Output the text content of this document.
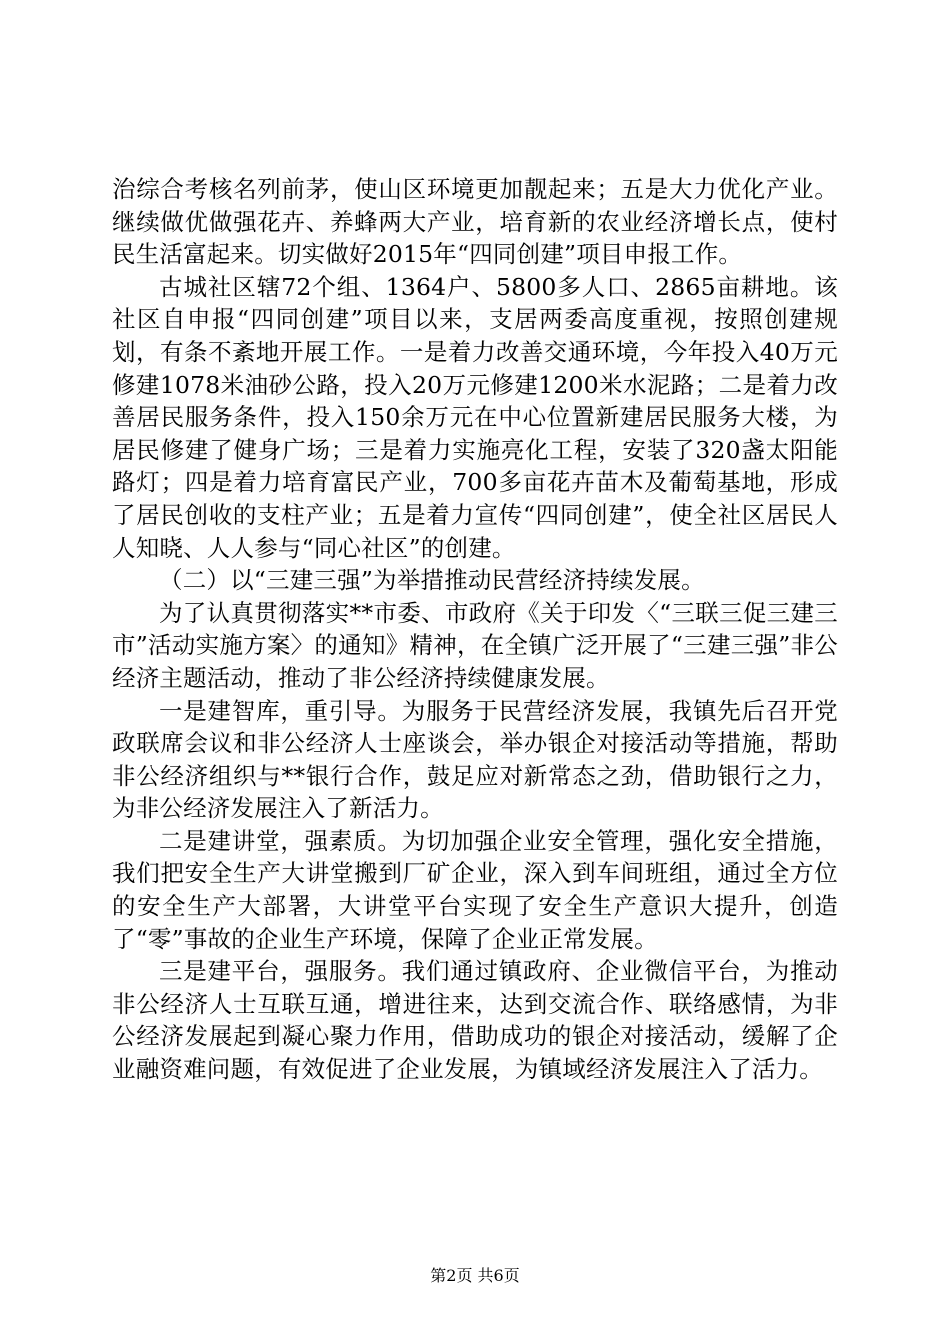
治综合考核名列前茅，使山区环境更加靓起来；五是大力优化产业。继续做优做强花卉、养蜂两大产业，培育新的农业经济增长点，使村民生活富起来。切实做好2015年“四同创建”项目申报工作。

古城社区辖72个组、1364户、5800多人口、2865亩耕地。该社区自申报“四同创建”项目以来，支居两委高度重视，按照创建规划，有条不紊地开展工作。一是着力改善交通环境，今年投入40万元修建1078米油砂公路，投入20万元修建1200米水泥路；二是着力改善居民服务条件，投入150余万元在中心位置新建居民服务大楼，为居民修建了健身广场；三是着力实施亮化工程，安装了320盏太阳能路灯；四是着力培育富民产业，700多亩花卉苗木及葡萄基地，形成了居民创收的支柱产业；五是着力宣传“四同创建”，使全社区居民人人知晓、人人参与“同心社区”的创建。

（二）以“三建三强”为举措推动民营经济持续发展。

为了认真贯彻落实**市委、市政府《关于印发〈“三联三促三建三市”活动实施方案〉的通知》精神，在全镇广泛开展了“三建三强”非公经济主题活动，推动了非公经济持续健康发展。

一是建智库，重引导。为服务于民营经济发展，我镇先后召开党政联席会议和非公经济人士座谈会，举办银企对接活动等措施，帮助非公经济组织与**银行合作，鼓足应对新常态之劲，借助银行之力，为非公经济发展注入了新活力。

二是建讲堂，强素质。为切加强企业安全管理，强化安全措施，我们把安全生产大讲堂搬到厂矿企业，深入到车间班组，通过全方位的安全生产大部署，大讲堂平台实现了安全生产意识大提升，创造了“零”事故的企业生产环境，保障了企业正常发展。

三是建平台，强服务。我们通过镇政府、企业微信平台，为推动非公经济人士互联互通，增进往来，达到交流合作、联络感情，为非公经济发展起到凝心聚力作用，借助成功的银企对接活动，缓解了企业融资难问题，有效促进了企业发展，为镇域经济发展注入了活力。

第2页 共6页
